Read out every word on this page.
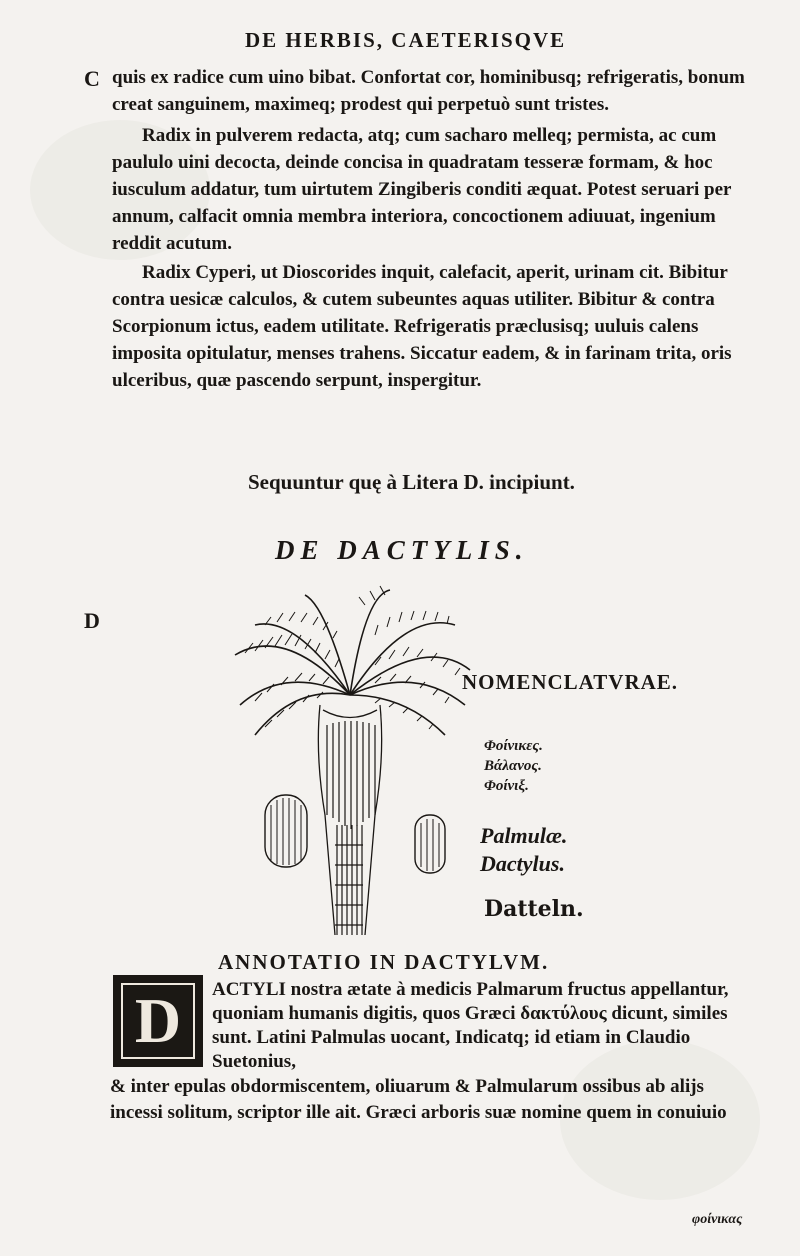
DE HERBIS, CAETERISQVE
C
D

quis ex radice cum uino bibat. Confortat cor, hominibusq; refrigeratis, bonum creat sanguinem, maximeq; prodest qui perpetuò sunt tristes.

Radix in pulverem redacta, atq; cum sacharo melleq; permista, ac cum paululo uini decocta, deinde concisa in quadratam tesseræ formam, & hoc iusculum addatur, tum uirtutem Zingiberis conditi æquat. Potest seruari per annum, calfacit omnia membra interiora, concoctionem adiuuat, ingenium reddit acutum.

Radix Cyperi, ut Dioscorides inquit, calefacit, aperit, urinam cit. Bibitur contra uesicæ calculos, & cutem subeuntes aquas utiliter. Bibitur & contra Scorpionum ictus, eadem utilitate. Refrigeratis præclusisq; uuluis calens imposita opitulatur, menses trahens. Siccatur eadem, & in farinam trita, oris ulceribus, quæ pascendo serpunt, inspergitur.

Sequuntur quę à Litera D. incipiunt.
DE DACTYLIS.
NOMENCLATVRAE.
Φοίνικες.
Βάλανος.
Φοίνιξ.
Palmulæ.
Dactylus.
Datteln.
ANNOTATIO IN DACTYLVM.
D	ACTYLI nostra ætate à medicis Palmarum fructus appellantur, quoniam humanis digitis, quos Græci δακτύλους dicunt, similes sunt. Latini Palmulas uocant, Indicatq; id etiam in Claudio Suetonius,
& inter epulas obdormiscentem, oliuarum & Palmularum ossibus ab alijs incessi solitum, scriptor ille ait. Græci arboris suæ nomine quem in conuiuio
φοίνικας
